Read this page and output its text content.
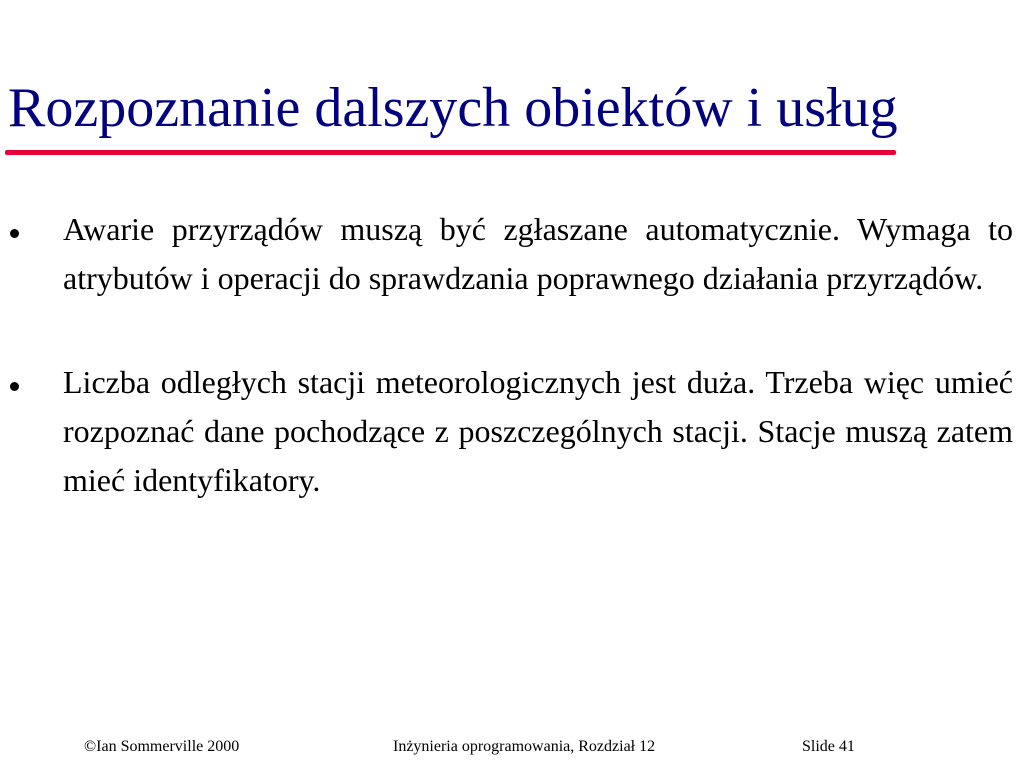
Rozpoznanie dalszych obiektów i usług
Awarie przyrządów muszą być zgłaszane automatycznie. Wymaga to atrybutów i operacji do sprawdzania poprawnego działania przyrządów.
Liczba odległych stacji meteorologicznych jest duża. Trzeba więc umieć rozpoznać dane pochodzące z poszczególnych stacji. Stacje muszą zatem mieć identyfikatory.
©Ian Sommerville 2000	Inżynieria oprogramowania, Rozdział 12	Slide 41
